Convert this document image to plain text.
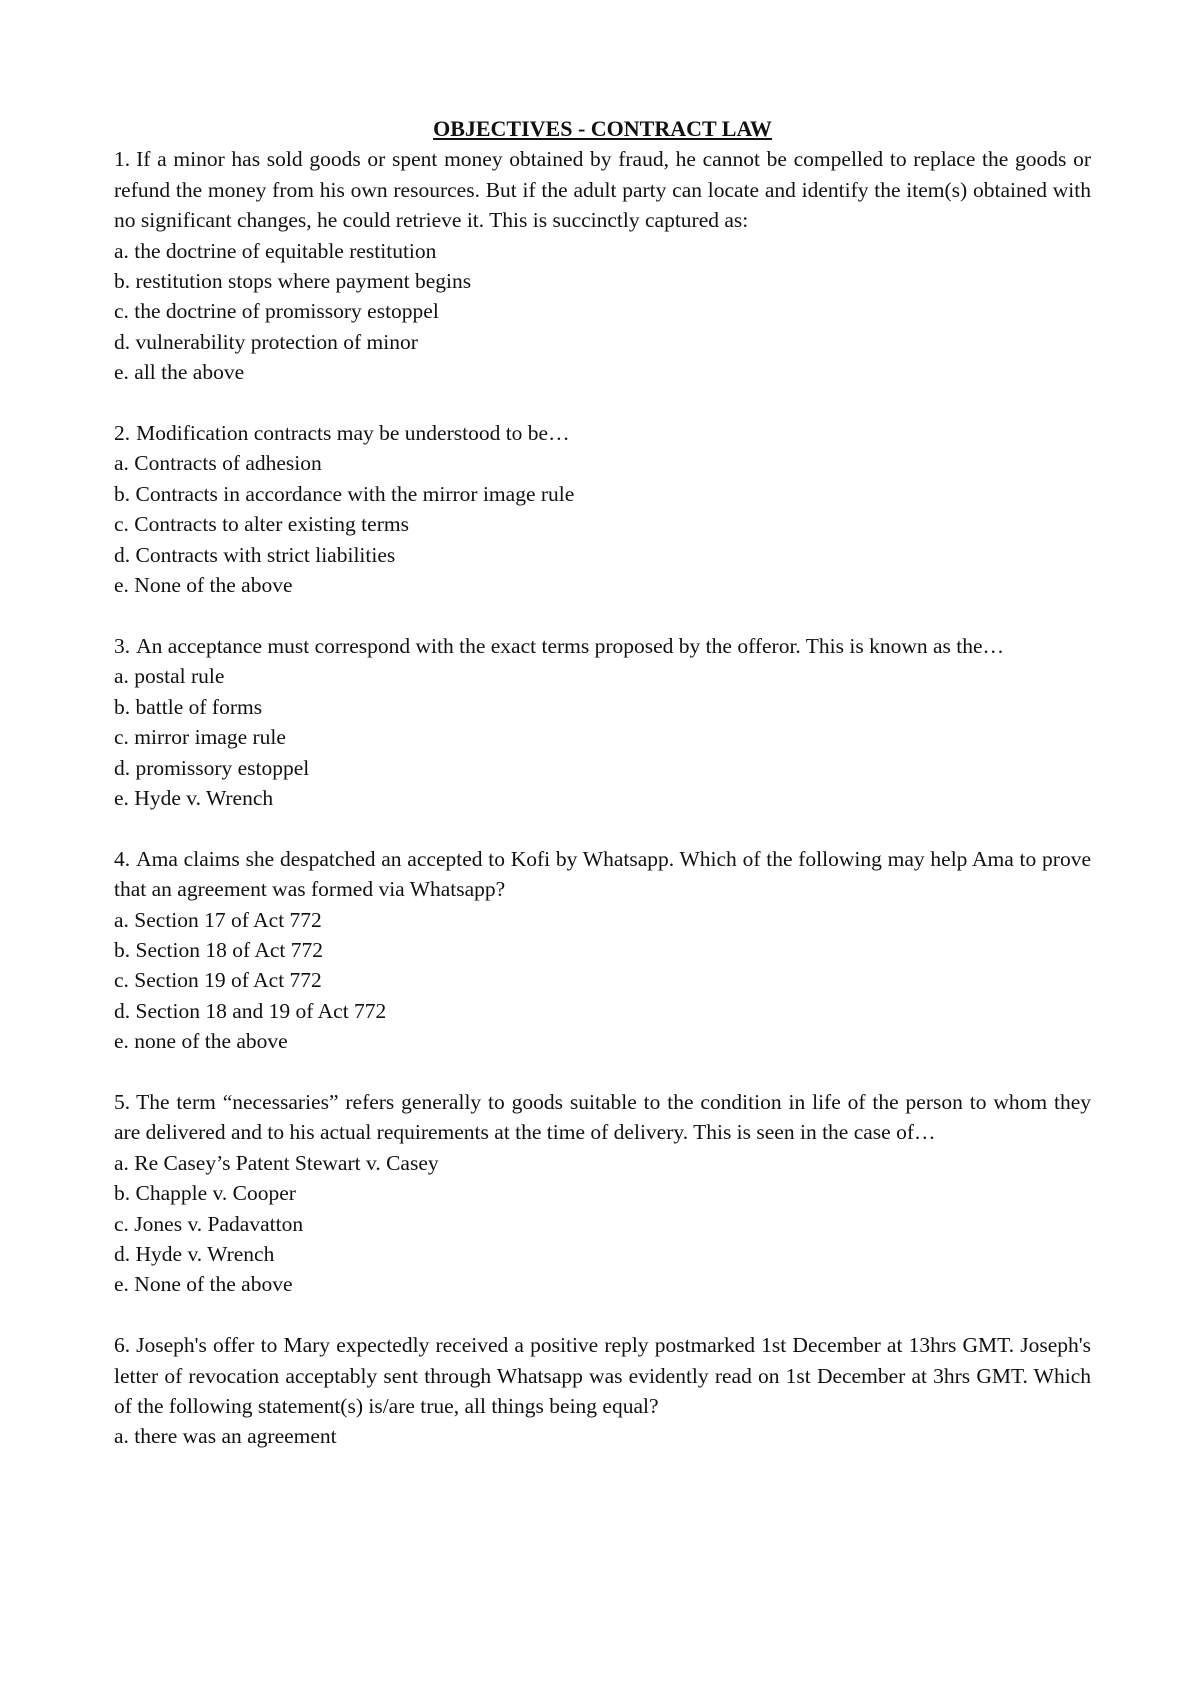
OBJECTIVES - CONTRACT LAW

1. If a minor has sold goods or spent money obtained by fraud, he cannot be compelled to replace the goods or refund the money from his own resources. But if the adult party can locate and identify the item(s) obtained with no significant changes, he could retrieve it. This is succinctly captured as:

a. the doctrine of equitable restitution

b. restitution stops where payment begins

c. the doctrine of promissory estoppel

d. vulnerability protection of minor

e. all the above

2. Modification contracts may be understood to be…

a. Contracts of adhesion

b. Contracts in accordance with the mirror image rule

c. Contracts to alter existing terms

d. Contracts with strict liabilities

e. None of the above

3. An acceptance must correspond with the exact terms proposed by the offeror. This is known as the…

a. postal rule

b. battle of forms

c. mirror image rule

d. promissory estoppel

e. Hyde v. Wrench

4. Ama claims she despatched an accepted to Kofi by Whatsapp. Which of the following may help Ama to prove that an agreement was formed via Whatsapp?

a. Section 17 of Act 772

b. Section 18 of Act 772

c. Section 19 of Act 772

d. Section 18 and 19 of Act 772

e. none of the above

5. The term “necessaries” refers generally to goods suitable to the condition in life of the person to whom they are delivered and to his actual requirements at the time of delivery. This is seen in the case of…

a. Re Casey’s Patent Stewart v. Casey

b. Chapple v. Cooper

c. Jones v. Padavatton

d. Hyde v. Wrench

e. None of the above

6. Joseph's offer to Mary expectedly received a positive reply postmarked 1st December at 13hrs GMT. Joseph's letter of revocation acceptably sent through Whatsapp was evidently read on 1st December at 3hrs GMT. Which of the following statement(s) is/are true, all things being equal?

a. there was an agreement
